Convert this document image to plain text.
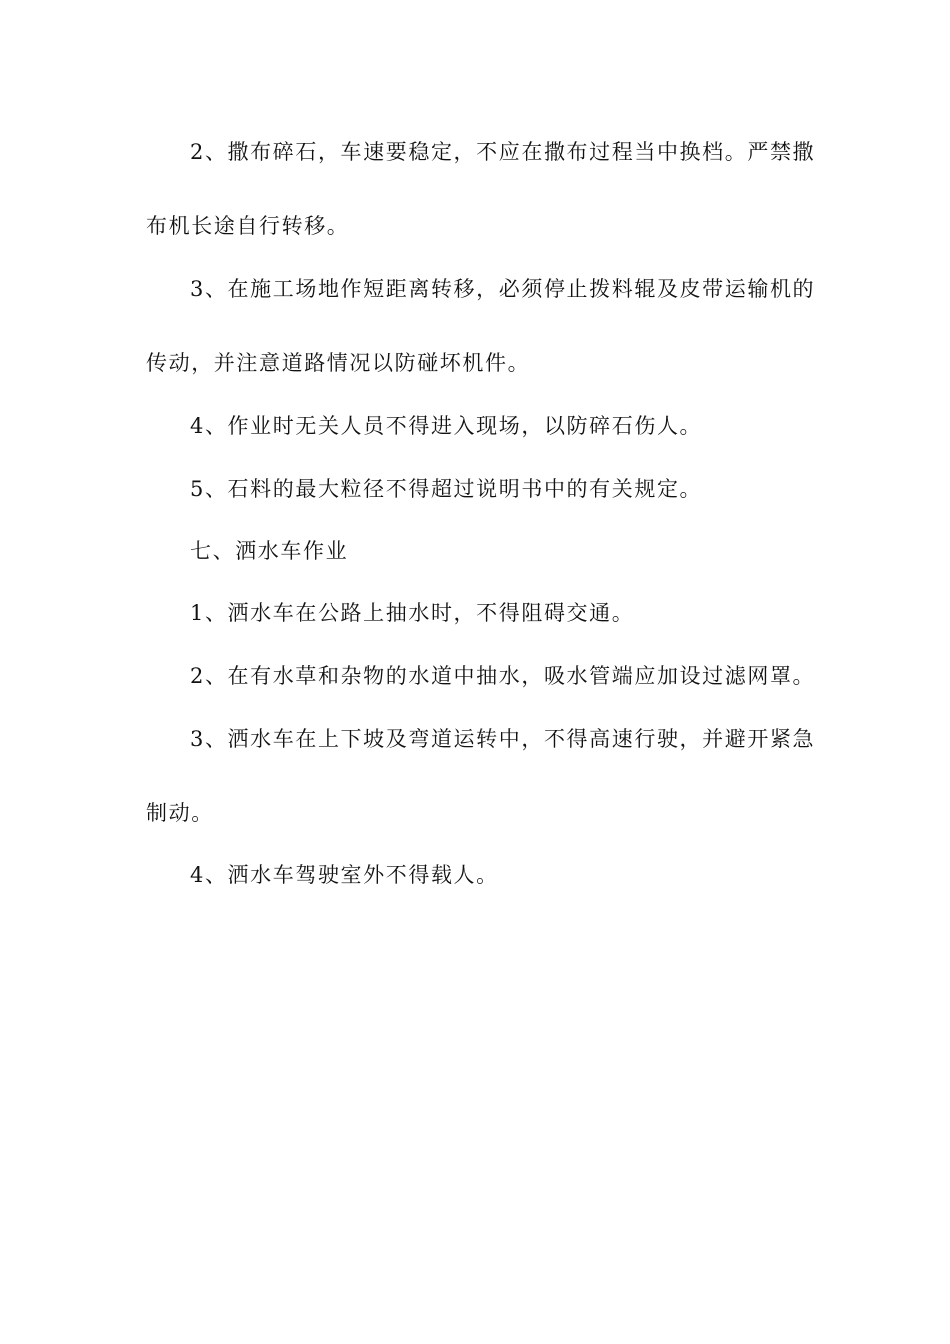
2、撒布碎石，车速要稳定，不应在撒布过程当中换档。严禁撒
布机长途自行转移。
3、在施工场地作短距离转移，必须停止拨料辊及皮带运输机的
传动，并注意道路情况以防碰坏机件。
4、作业时无关人员不得进入现场，以防碎石伤人。
5、石料的最大粒径不得超过说明书中的有关规定。
七、洒水车作业
1、洒水车在公路上抽水时，不得阻碍交通。
2、在有水草和杂物的水道中抽水，吸水管端应加设过滤网罩。
3、洒水车在上下坡及弯道运转中，不得高速行驶，并避开紧急
制动。
4、洒水车驾驶室外不得载人。
